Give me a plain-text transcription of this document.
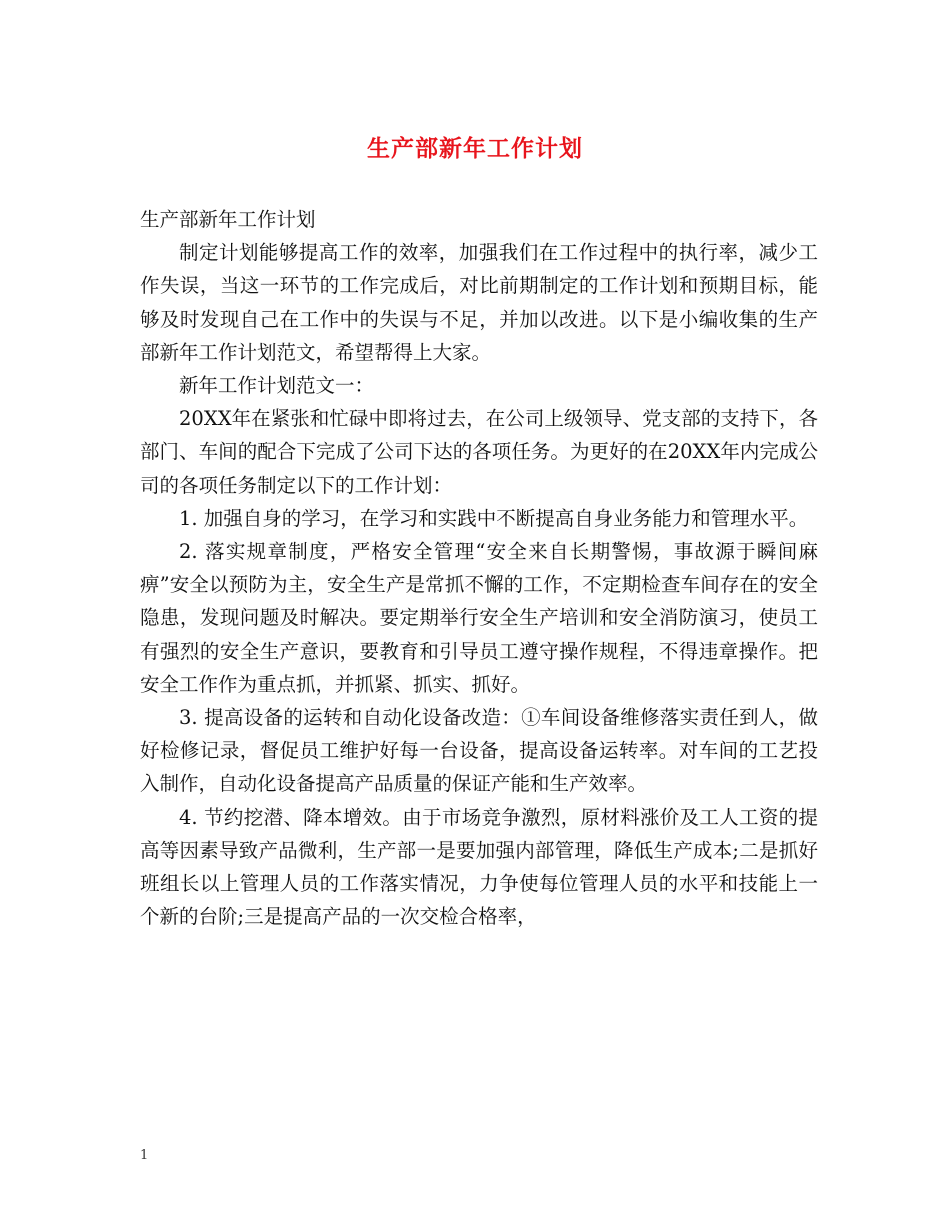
生产部新年工作计划

生产部新年工作计划

制定计划能够提高工作的效率，加强我们在工作过程中的执行率，减少工作失误，当这一环节的工作完成后，对比前期制定的工作计划和预期目标，能够及时发现自己在工作中的失误与不足，并加以改进。以下是小编收集的生产部新年工作计划范文，希望帮得上大家。

新年工作计划范文一：

20XX年在紧张和忙碌中即将过去，在公司上级领导、党支部的支持下，各部门、车间的配合下完成了公司下达的各项任务。为更好的在20XX年内完成公司的各项任务制定以下的工作计划：

1. 加强自身的学习，在学习和实践中不断提高自身业务能力和管理水平。

2. 落实规章制度，严格安全管理“安全来自长期警惕，事故源于瞬间麻痹”安全以预防为主，安全生产是常抓不懈的工作，不定期检查车间存在的安全隐患，发现问题及时解决。要定期举行安全生产培训和安全消防演习，使员工有强烈的安全生产意识，要教育和引导员工遵守操作规程，不得违章操作。把安全工作作为重点抓，并抓紧、抓实、抓好。

3. 提高设备的运转和自动化设备改造：①车间设备维修落实责任到人，做好检修记录，督促员工维护好每一台设备，提高设备运转率。对车间的工艺投入制作，自动化设备提高产品质量的保证产能和生产效率。

4. 节约挖潜、降本增效。由于市场竞争激烈，原材料涨价及工人工资的提高等因素导致产品微利，生产部一是要加强内部管理，降低生产成本;二是抓好班组长以上管理人员的工作落实情况，力争使每位管理人员的水平和技能上一个新的台阶;三是提高产品的一次交检合格率，

1
